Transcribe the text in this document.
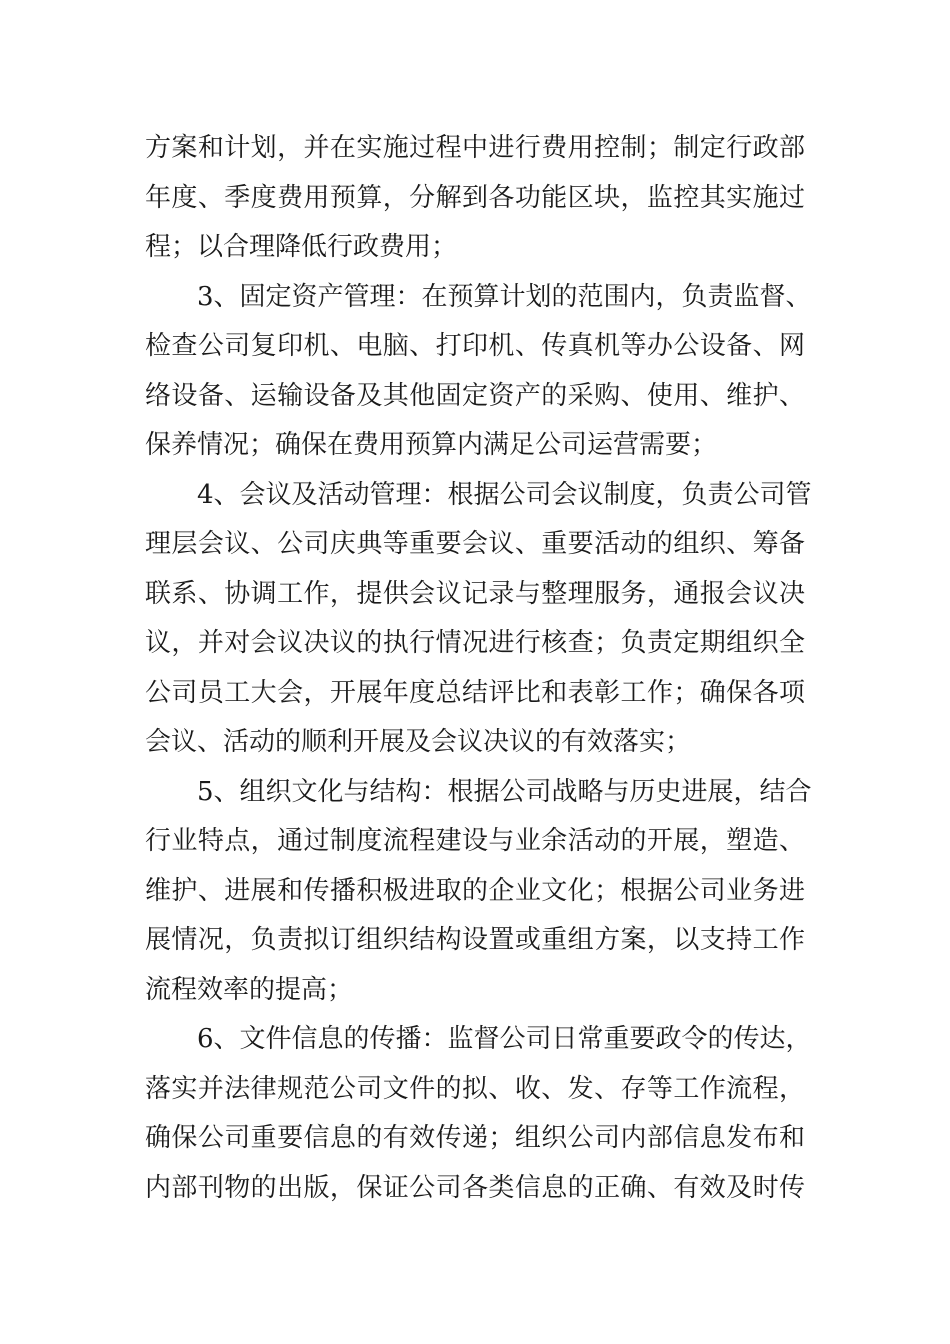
方案和计划，并在实施过程中进行费用控制；制定行政部
年度、季度费用预算，分解到各功能区块，监控其实施过
程；以合理降低行政费用；
3、固定资产管理：在预算计划的范围内，负责监督、
检查公司复印机、电脑、打印机、传真机等办公设备、网
络设备、运输设备及其他固定资产的采购、使用、维护、
保养情况；确保在费用预算内满足公司运营需要；
4、会议及活动管理：根据公司会议制度，负责公司管
理层会议、公司庆典等重要会议、重要活动的组织、筹备
联系、协调工作，提供会议记录与整理服务，通报会议决
议，并对会议决议的执行情况进行核查；负责定期组织全
公司员工大会，开展年度总结评比和表彰工作；确保各项
会议、活动的顺利开展及会议决议的有效落实；
5、组织文化与结构：根据公司战略与历史进展，结合
行业特点，通过制度流程建设与业余活动的开展，塑造、
维护、进展和传播积极进取的企业文化；根据公司业务进
展情况，负责拟订组织结构设置或重组方案，以支持工作
流程效率的提高；
6、文件信息的传播：监督公司日常重要政令的传达，
落实并法律规范公司文件的拟、收、发、存等工作流程，
确保公司重要信息的有效传递；组织公司内部信息发布和
内部刊物的出版，保证公司各类信息的正确、有效及时传
